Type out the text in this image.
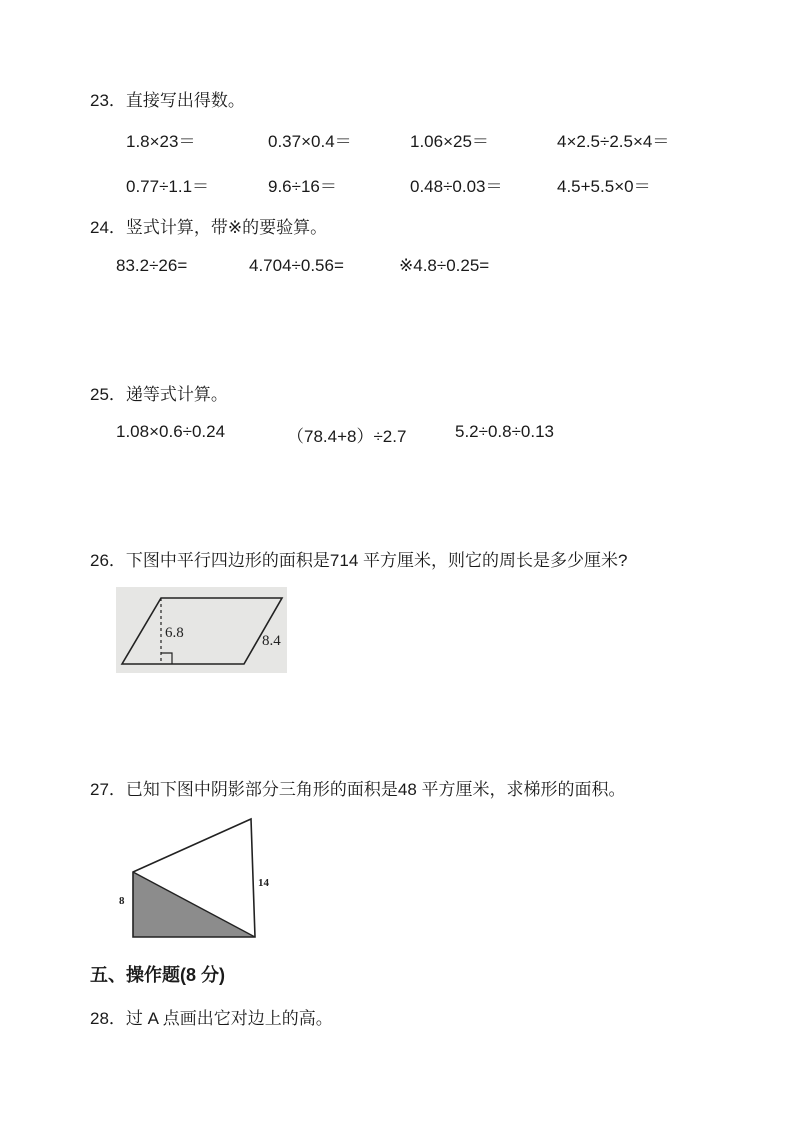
23．直接写出得数。
1.8×23＝	0.37×0.4＝	1.06×25＝	4×2.5÷2.5×4＝
0.77÷1.1＝	9.6÷16＝	0.48÷0.03＝	4.5+5.5×0＝
24．竖式计算，带※的要验算。
83.2÷26=	4.704÷0.56=	※4.8÷0.25=
25．递等式计算。
1.08×0.6÷0.24	（78.4+8）÷2.7	5.2÷0.8÷0.13
26．下图中平行四边形的面积是714 平方厘米，则它的周长是多少厘米?
6.8	8.4
27．已知下图中阴影部分三角形的面积是48 平方厘米，求梯形的面积。
8
14
五、操作题(8 分)
28．过 A 点画出它对边上的高。
